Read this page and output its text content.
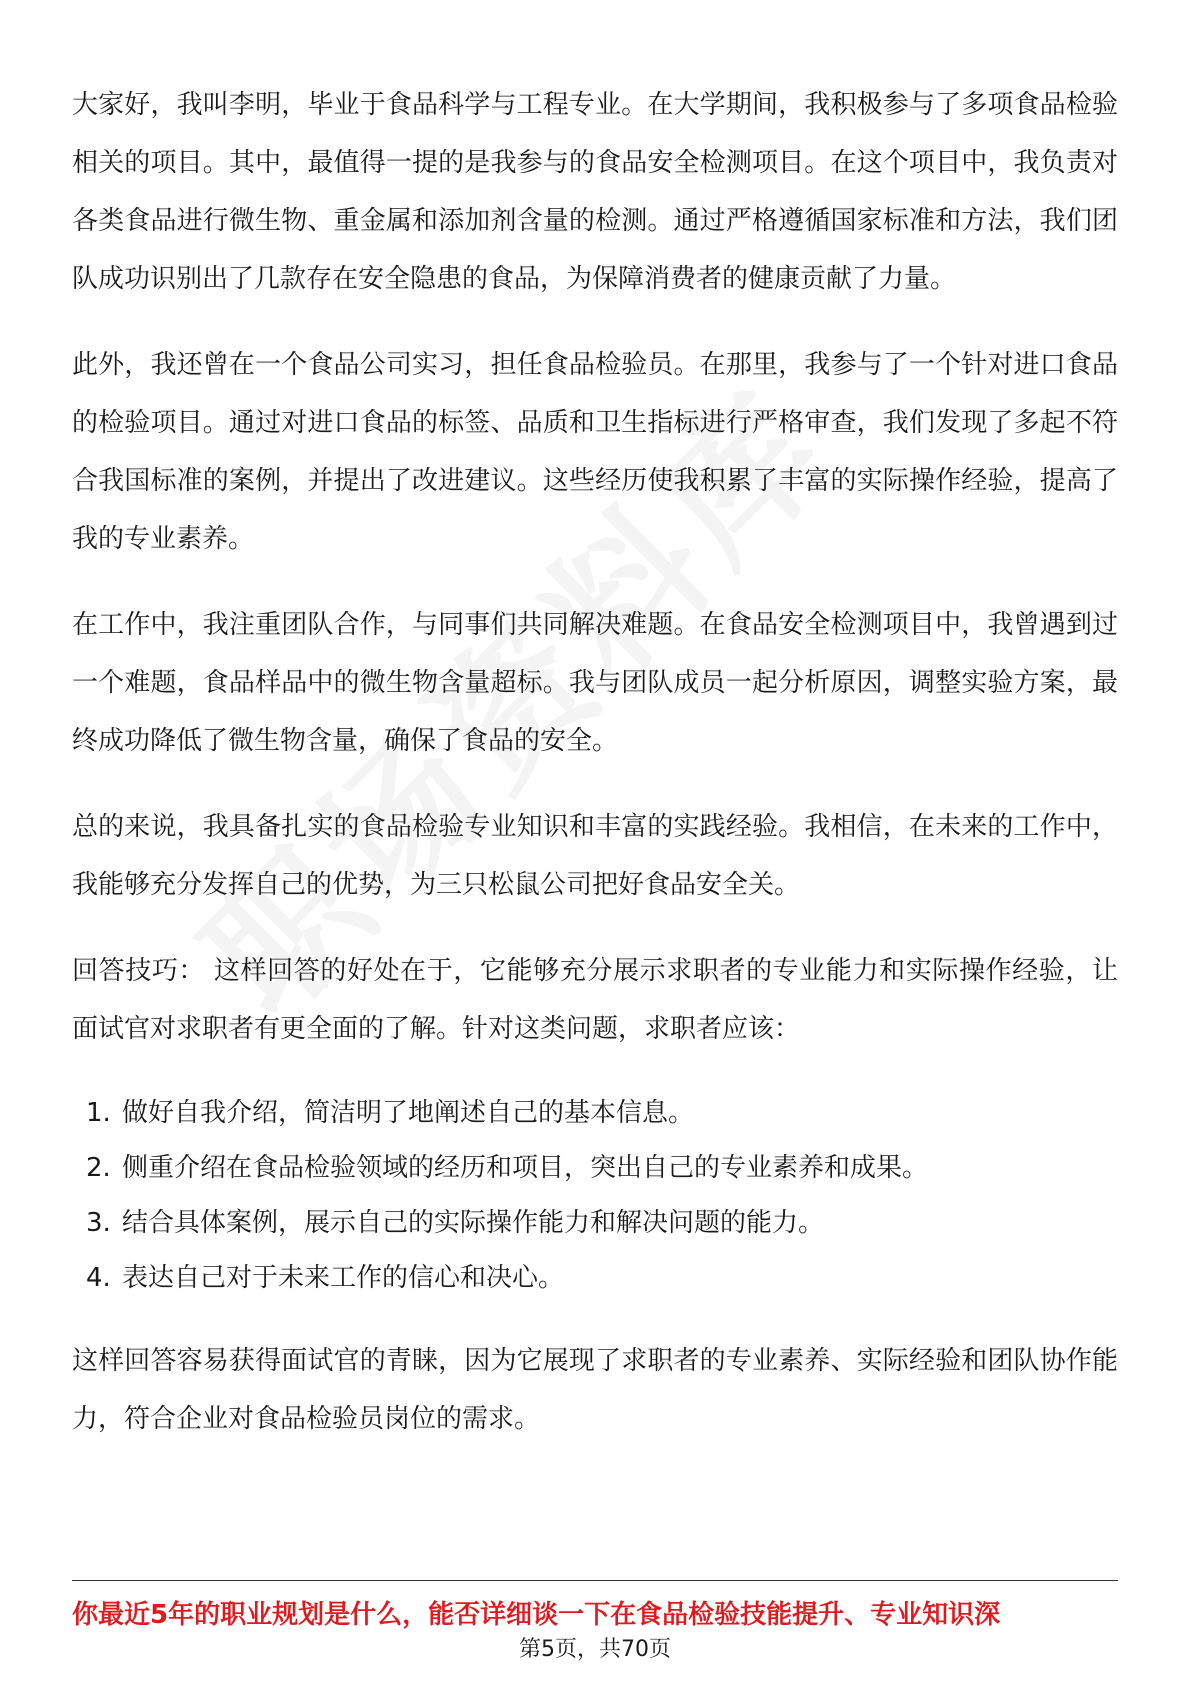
大家好，我叫李明，毕业于食品科学与工程专业。在大学期间，我积极参与了多项食品检验相关的项目。其中，最值得一提的是我参与的食品安全检测项目。在这个项目中，我负责对各类食品进行微生物、重金属和添加剂含量的检测。通过严格遵循国家标准和方法，我们团队成功识别出了几款存在安全隐患的食品，为保障消费者的健康贡献了力量。

此外，我还曾在一个食品公司实习，担任食品检验员。在那里，我参与了一个针对进口食品的检验项目。通过对进口食品的标签、品质和卫生指标进行严格审查，我们发现了多起不符合我国标准的案例，并提出了改进建议。这些经历使我积累了丰富的实际操作经验，提高了我的专业素养。

在工作中，我注重团队合作，与同事们共同解决难题。在食品安全检测项目中，我曾遇到过一个难题，食品样品中的微生物含量超标。我与团队成员一起分析原因，调整实验方案，最终成功降低了微生物含量，确保了食品的安全。

总的来说，我具备扎实的食品检验专业知识和丰富的实践经验。我相信，在未来的工作中，我能够充分发挥自己的优势，为三只松鼠公司把好食品安全关。

回答技巧： 这样回答的好处在于，它能够充分展示求职者的专业能力和实际操作经验，让面试官对求职者有更全面的了解。针对这类问题，求职者应该：

1. 做好自我介绍，简洁明了地阐述自己的基本信息。
2. 侧重介绍在食品检验领域的经历和项目，突出自己的专业素养和成果。
3. 结合具体案例，展示自己的实际操作能力和解决问题的能力。
4. 表达自己对于未来工作的信心和决心。

这样回答容易获得面试官的青睐，因为它展现了求职者的专业素养、实际经验和团队协作能力，符合企业对食品检验员岗位的需求。

你最近5年的职业规划是什么，能否详细谈一下在食品检验技能提升、专业知识深
第5页，共70页
